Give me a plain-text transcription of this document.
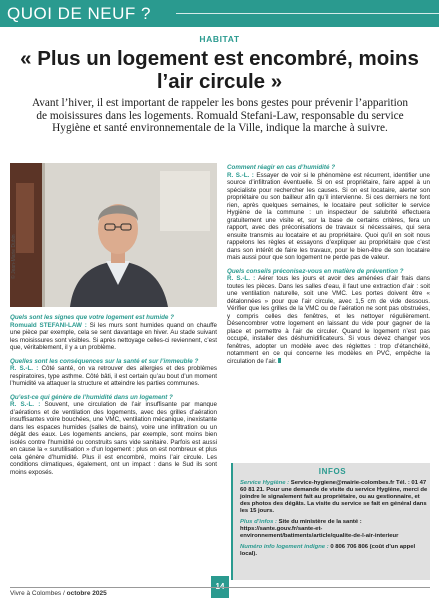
QUOI DE NEUF ?
HABITAT
« Plus un logement est encombré, moins l’air circule »
Avant l’hiver, il est important de rappeler les bons gestes pour prévenir l’apparition de moisissures dans les logements. Romuald Stefani-Law, responsable du service Hygiène et santé environnementale de la Ville, indique la marche à suivre.
© Jean-Marie Dubin
Quels sont les signes que votre logement est humide ?
Romuald STEFANI-LAW : Si les murs sont humides quand on chauffe une pièce par exemple, cela se sent davantage en hiver. Au stade suivant les moisissures sont visibles. Si après nettoyage celles-ci reviennent, c’est que, véritablement, il y a un problème.
Quelles sont les conséquences sur la santé et sur l’immeuble ?
R. S.-L. : Côté santé, on va retrouver des allergies et des problèmes respiratoires, type asthme. Côté bâti, il est certain qu’au bout d’un moment l’humidité va attaquer la structure et atteindre les parties communes.
Qu’est-ce qui génère de l’humidité dans un logement ?
R. S.-L. : Souvent, une circulation de l’air insuffisante par manque d’aérations et de ventilation des logements, avec des grilles d’aération insuffisantes voire bouchées, une VMC, ventilation mécanique, inexistante dans les espaces humides (salles de bains), voire une infiltration ou un dégât des eaux. Les logements anciens, par exemple, sont moins bien isolés contre l’humidité ou construits sans vide sanitaire. Parfois est aussi en cause la « surutilisation » d’un logement : plus on est nombreux et plus cela génère d’humidité. Plus il est encombré, moins l’air circule. Les conditions climatiques, également, ont un impact : dans le Sud ils sont moins exposés.
Comment réagir en cas d’humidité ?
R. S.-L. : Essayer de voir si le phénomène est récurrent, identifier une source d’infiltration éventuelle. Si on est propriétaire, faire appel à un spécialiste pour rechercher les causes. Si on est locataire, alerter son propriétaire ou son bailleur afin qu’il intervienne. Si ces derniers ne font rien, après quelques semaines, le locataire peut solliciter le service Hygiène de la commune : un inspecteur de salubrité effectuera gratuitement une visite et, sur la base de certains critères, fera un rapport, avec des préconisations de travaux si nécessaires, qui sera ensuite transmis au locataire et au propriétaire. Quoi qu’il en soit nous rappelons les règles et essayons d’expliquer au propriétaire que c’est dans son intérêt de faire les travaux, pour le bien-être de son locataire mais aussi pour que son logement ne perde pas de valeur.
Quels conseils préconisez-vous en matière de prévention ?
R. S.-L. : Aérer tous les jours et avoir des aménées d’air frais dans toutes les pièces. Dans les salles d’eau, il faut une extraction d’air : soit une ventilation naturelle, soit une VMC. Les portes doivent être « détalonnées » pour que l’air circule, avec 1,5 cm de vide dessous. Vérifier que les grilles de la VMC ou de l’aération ne sont pas obstruées, y compris celles des fenêtres, et les nettoyer régulièrement. Désencombrer votre logement en laissant du vide pour gagner de la place et permettre à l’air de circuler. Quand le logement n’est pas occupé, installer des déshumidificateurs. Si vous devez changer vos fenêtres, adopter un modèle avec des réglettes : trop d’étanchéité, notamment en ce qui concerne les modèles en PVC, empêche la circulation de l’air.
INFOS
Service Hygiène : Service-hygiene@mairie-colombes.fr Tél. : 01 47 60 81 21. Pour une demande de visite du service Hygiène, merci de joindre le signalement fait au propriétaire, ou au gestionnaire, et des photos des dégâts. La visite du service se fait en général dans les 15 jours.
Plus d’infos : Site du ministère de la santé : https://sante.gouv.fr/sante-et-environnement/batiments/article/qualite-de-l-air-interieur
Numéro info logement indigne : 0 806 706 806 (coût d’un appel local).
Vivre à Colombes / octobre 2025
